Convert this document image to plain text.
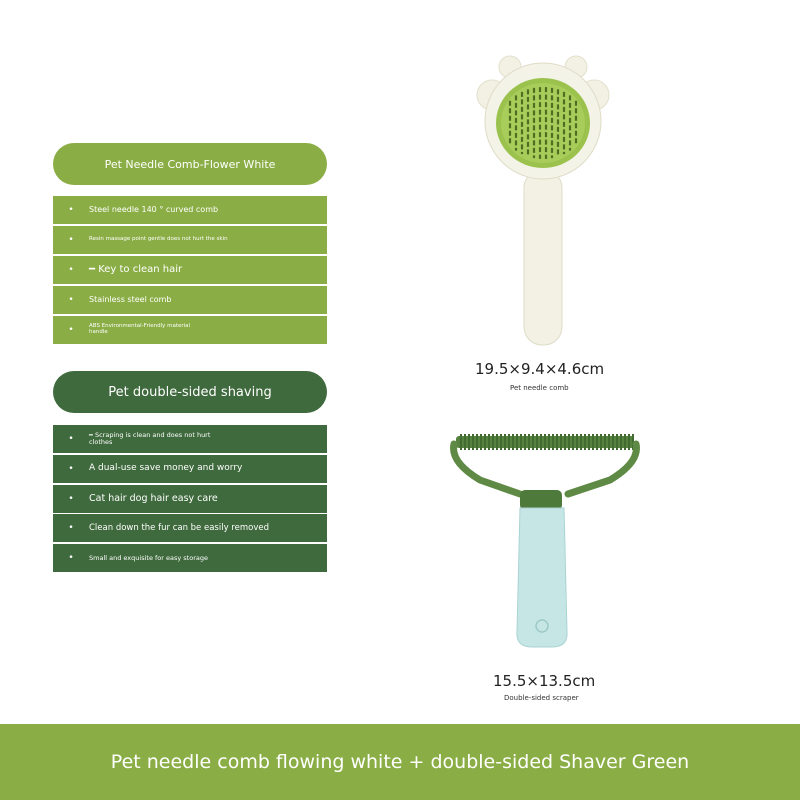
Pet Needle Comb-Flower White
•	Steel needle 140 ° curved comb
•	Resin massage point gentle does not hurt the skin
•	━ Key to clean hair
•	Stainless steel comb
•	ABS Environmental-Friendly material handle
Pet double-sided shaving
•	━ Scraping is clean and does not hurt clothes
•	A dual-use save money and worry
•	Cat hair dog hair easy care
•	Clean down the fur can be easily removed
•	Small and exquisite for easy storage
19.5×9.4×4.6cm
Pet needle comb
15.5×13.5cm
Double-sided scraper
Pet needle comb flowing white + double-sided Shaver Green
